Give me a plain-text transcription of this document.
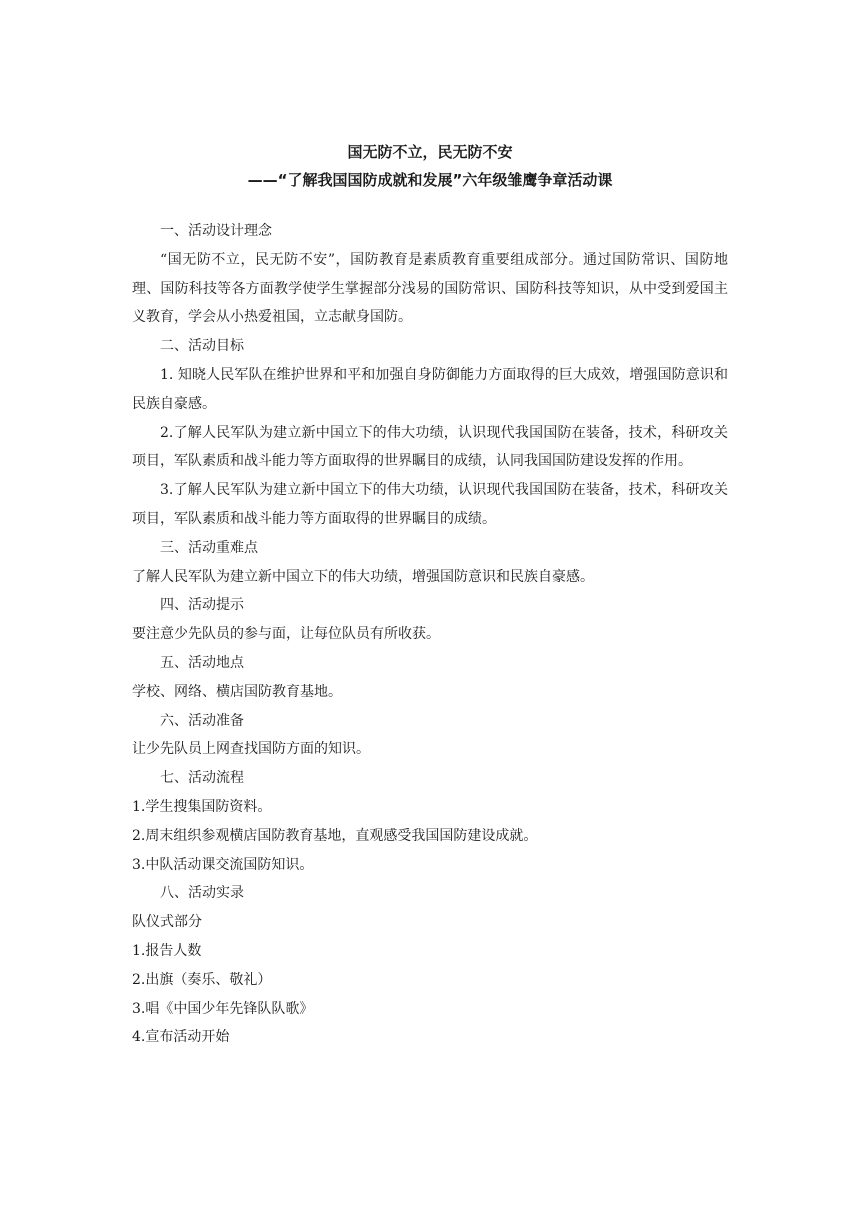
国无防不立，民无防不安

——“了解我国国防成就和发展”六年级雏鹰争章活动课

一、活动设计理念

“国无防不立，民无防不安”，国防教育是素质教育重要组成部分。通过国防常识、国防地理、国防科技等各方面教学使学生掌握部分浅易的国防常识、国防科技等知识，从中受到爱国主义教育，学会从小热爱祖国，立志献身国防。

二、活动目标

1. 知晓人民军队在维护世界和平和加强自身防御能力方面取得的巨大成效，增强国防意识和民族自豪感。

2.了解人民军队为建立新中国立下的伟大功绩，认识现代我国国防在装备，技术，科研攻关项目，军队素质和战斗能力等方面取得的世界瞩目的成绩，认同我国国防建设发挥的作用。

3.了解人民军队为建立新中国立下的伟大功绩，认识现代我国国防在装备，技术，科研攻关项目，军队素质和战斗能力等方面取得的世界瞩目的成绩。

三、活动重难点

了解人民军队为建立新中国立下的伟大功绩，增强国防意识和民族自豪感。

四、活动提示

要注意少先队员的参与面，让每位队员有所收获。

五、活动地点

学校、网络、横店国防教育基地。

六、活动准备

让少先队员上网查找国防方面的知识。

七、活动流程

1.学生搜集国防资料。

2.周末组织参观横店国防教育基地，直观感受我国国防建设成就。

3.中队活动课交流国防知识。

八、活动实录

队仪式部分

1.报告人数

2.出旗（奏乐、敬礼）

3.唱《中国少年先锋队队歌》

4.宣布活动开始
